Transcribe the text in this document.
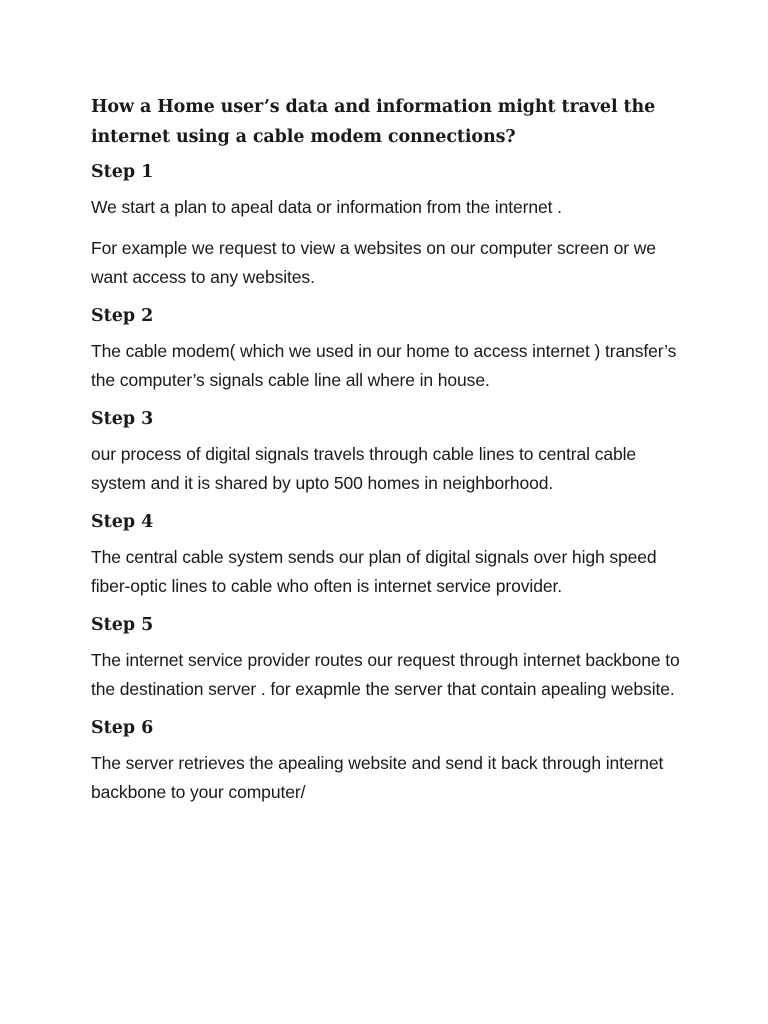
How a Home user’s data and information might travel the internet using a cable modem connections?
Step 1

We start a plan to apeal data or information from the internet .

For example we request to view a websites on our computer screen or we want access to any websites.

Step 2

The cable modem( which we used in our home to access internet ) transfer’s the computer’s signals cable line all where in house.

Step 3

our process of digital signals travels through cable lines to central cable system and it is shared by upto 500 homes in neighborhood.

Step 4

The central cable system sends our plan of digital signals over high speed fiber-optic lines to cable who often is internet service provider.

Step 5

The internet service provider routes our request through internet backbone to the destination server . for exapmle the server that contain apealing website.

Step 6

The server retrieves the apealing website and send it back through internet backbone to your computer/
